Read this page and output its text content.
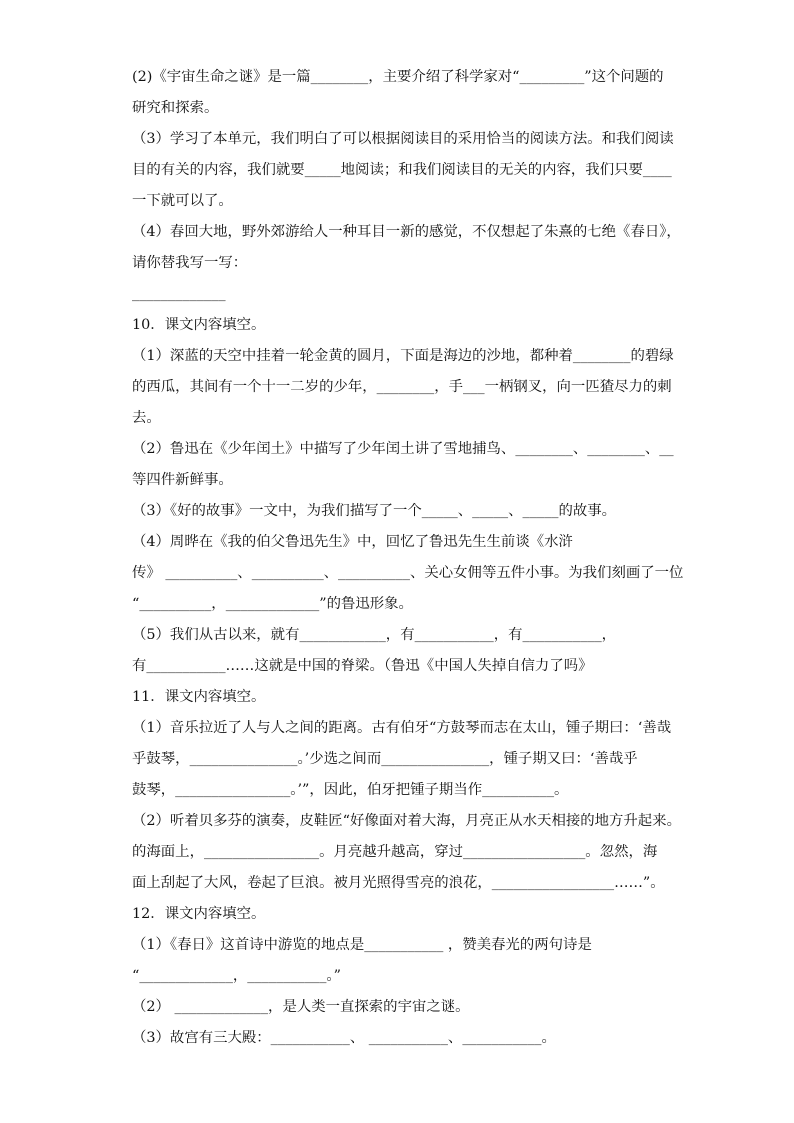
(2)《宇宙生命之谜》是一篇________，主要介绍了科学家对“_________”这个问题的
研究和探索。
（3）学习了本单元，我们明白了可以根据阅读目的采用恰当的阅读方法。和我们阅读
目的有关的内容，我们就要_____地阅读；和我们阅读目的无关的内容，我们只要____
一下就可以了。
（4）春回大地，野外郊游给人一种耳目一新的感觉，不仅想起了朱熹的七绝《春日》，
请你替我写一写：
_____________
10．课文内容填空。
（1）深蓝的天空中挂着一轮金黄的圆月，下面是海边的沙地，都种着________的碧绿
的西瓜，其间有一个十一二岁的少年，________，手___一柄钢叉，向一匹猹尽力的刺
去。
（2）鲁迅在《少年闰土》中描写了少年闰土讲了雪地捕鸟、________、________、__
等四件新鲜事。
（3）《好的故事》一文中，为我们描写了一个_____、_____、_____的故事。
（4）周晔在《我的伯父鲁迅先生》中，回忆了鲁迅先生生前谈《水浒
传》 __________、__________、__________、关心女佣等五件小事。为我们刻画了一位
“__________，_____________”的鲁迅形象。
（5）我们从古以来，就有____________，有___________，有___________，
有___________……这就是中国的脊梁。（鲁迅《中国人失掉自信力了吗》
11．课文内容填空。
（1）音乐拉近了人与人之间的距离。古有伯牙“方鼓琴而志在太山，锺子期曰：‘善哉
乎鼓琴，_______________。’少选之间而_______________，锺子期又曰：‘善哉乎
鼓琴，________________。’”，因此，伯牙把锺子期当作__________。
（2）听着贝多芬的演奏，皮鞋匠“好像面对着大海，月亮正从水天相接的地方升起来。
的海面上，________________。月亮越升越高，穿过_________________。忽然，海
面上刮起了大风，卷起了巨浪。被月光照得雪亮的浪花，_________________……”。
12．课文内容填空。
（1）《春日》这首诗中游览的地点是___________ ，赞美春光的两句诗是
“_____________，___________。”
（2） _____________，是人类一直探索的宇宙之谜。
（3）故宫有三大殿：___________、 ___________、___________。
